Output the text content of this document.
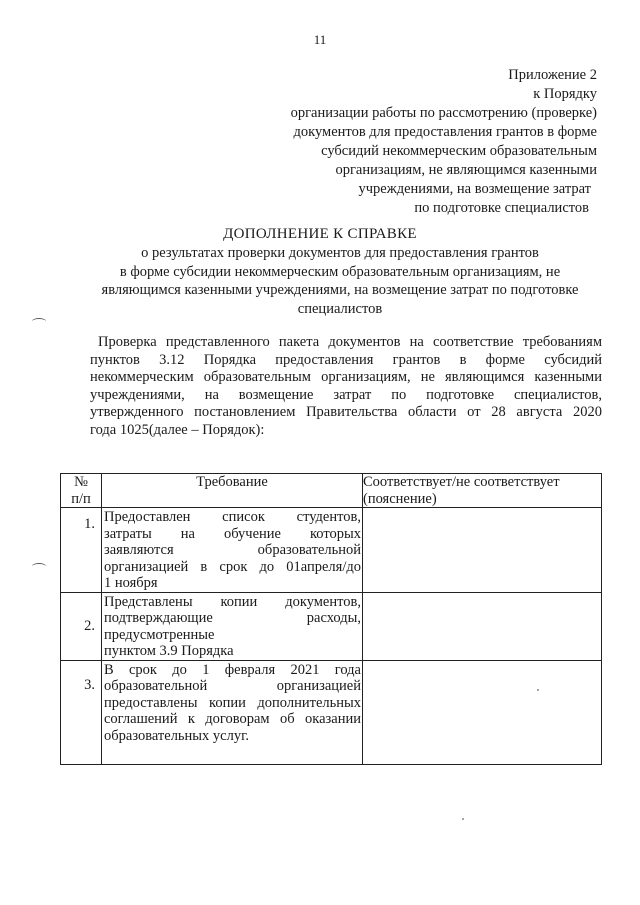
11
Приложение 2
к Порядку
организации работы по рассмотрению (проверке)
документов для предоставления грантов в форме
субсидий некоммерческим образовательным
организациям, не являющимся казенными
учреждениями, на возмещение затрат
по подготовке специалистов
ДОПОЛНЕНИЕ К СПРАВКЕ
о результатах проверки документов для предоставления грантов
в форме субсидии некоммерческим образовательным организациям, не
являющимся казенными учреждениями, на возмещение затрат по подготовке
специалистов
Проверка представленного пакета документов на соответствие требованиям
пунктов 3.12 Порядка предоставления грантов в форме субсидий
некоммерческим образовательным организациям, не являющимся казенными
учреждениями, на возмещение затрат по подготовке специалистов,
утвержденного постановлением Правительства области от 28 августа 2020
года 1025(далее – Порядок):
№
п/п	Требование	Соответствует/не соответствует (пояснение)
1.	Предоставлен список студентов,
затраты на обучение которых
заявляются образовательной
организацией в срок до 01апреля/до
1 ноября	

2.	Представлены копии документов,
подтверждающие расходы,
предусмотренные
пунктом 3.9 Порядка	

3.	В срок до 1 февраля 2021 года
образовательной организацией
предоставлены копии дополнительных
соглашений к договорам об оказании
образовательных услуг.	
